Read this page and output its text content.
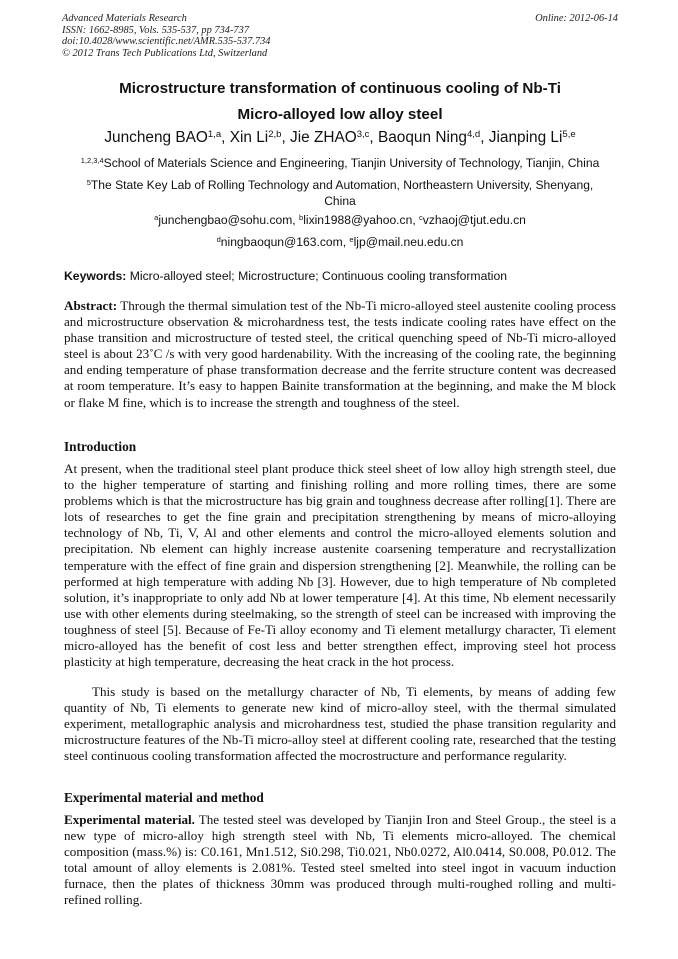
Advanced Materials Research
ISSN: 1662-8985, Vols. 535-537, pp 734-737
doi:10.4028/www.scientific.net/AMR.535-537.734
© 2012 Trans Tech Publications Ltd, Switzerland
Online: 2012-06-14
Microstructure transformation of continuous cooling of Nb-Ti
Micro-alloyed low alloy steel
Juncheng BAO$^{1,a}$, Xin Li$^{2,b}$, Jie ZHAO$^{3,c}$, Baoqun Ning$^{4,d}$, Jianping Li$^{5,e}$
$^{1,2,3,4}$School of Materials Science and Engineering, Tianjin University of Technology, Tianjin, China
$^5$The State Key Lab of Rolling Technology and Automation, Northeastern University, Shenyang, China
$^a$junchengbao@sohu.com, $^b$lixin1988@yahoo.cn, $^c$vzhaoj@tjut.edu.cn
$^d$ningbaoqun@163.com, $^e$ljp@mail.neu.edu.cn
Keywords: Micro-alloyed steel; Microstructure; Continuous cooling transformation
Abstract: Through the thermal simulation test of the Nb-Ti micro-alloyed steel austenite cooling process and microstructure observation & microhardness test, the tests indicate cooling rates have effect on the phase transition and microstructure of tested steel, the critical quenching speed of Nb-Ti micro-alloyed steel is about 23˚C /s with very good hardenability. With the increasing of the cooling rate, the beginning and ending temperature of phase transformation decrease and the ferrite structure content was decreased at room temperature. It’s easy to happen Bainite transformation at the beginning, and make the M block or flake M fine, which is to increase the strength and toughness of the steel.
Introduction
At present, when the traditional steel plant produce thick steel sheet of low alloy high strength steel, due to the higher temperature of starting and finishing rolling and more rolling times, there are some problems which is that the microstructure has big grain and toughness decrease after rolling[1]. There are lots of researches to get the fine grain and precipitation strengthening by means of micro-alloying technology of Nb, Ti, V, Al and other elements and control the micro-alloyed elements solution and precipitation. Nb element can highly increase austenite coarsening temperature and recrystallization temperature with the effect of fine grain and dispersion strengthening [2]. Meanwhile, the rolling can be performed at high temperature with adding Nb [3]. However, due to high temperature of Nb completed solution, it’s inappropriate to only add Nb at lower temperature [4]. At this time, Nb element necessarily use with other elements during steelmaking, so the strength of steel can be increased with improving the toughness of steel [5]. Because of Fe-Ti alloy economy and Ti element metallurgy character, Ti element micro-alloyed has the benefit of cost less and better strengthen effect, improving steel hot process plasticity at high temperature, decreasing the heat crack in the hot process.
This study is based on the metallurgy character of Nb, Ti elements, by means of adding few quantity of Nb, Ti elements to generate new kind of micro-alloy steel, with the thermal simulated experiment, metallographic analysis and microhardness test, studied the phase transition regularity and microstructure features of the Nb-Ti micro-alloy steel at different cooling rate, researched that the testing steel continuous cooling transformation affected the mocrostructure and performance regularity.
Experimental material and method
Experimental material. The tested steel was developed by Tianjin Iron and Steel Group., the steel is a new type of micro-alloy high strength steel with Nb, Ti elements micro-alloyed. The chemical composition (mass.%) is: C0.161, Mn1.512, Si0.298, Ti0.021, Nb0.0272, Al0.0414, S0.008, P0.012. The total amount of alloy elements is 2.081%. Tested steel smelted into steel ingot in vacuum induction furnace, then the plates of thickness 30mm was produced through multi-roughed rolling and multi-refined rolling.
